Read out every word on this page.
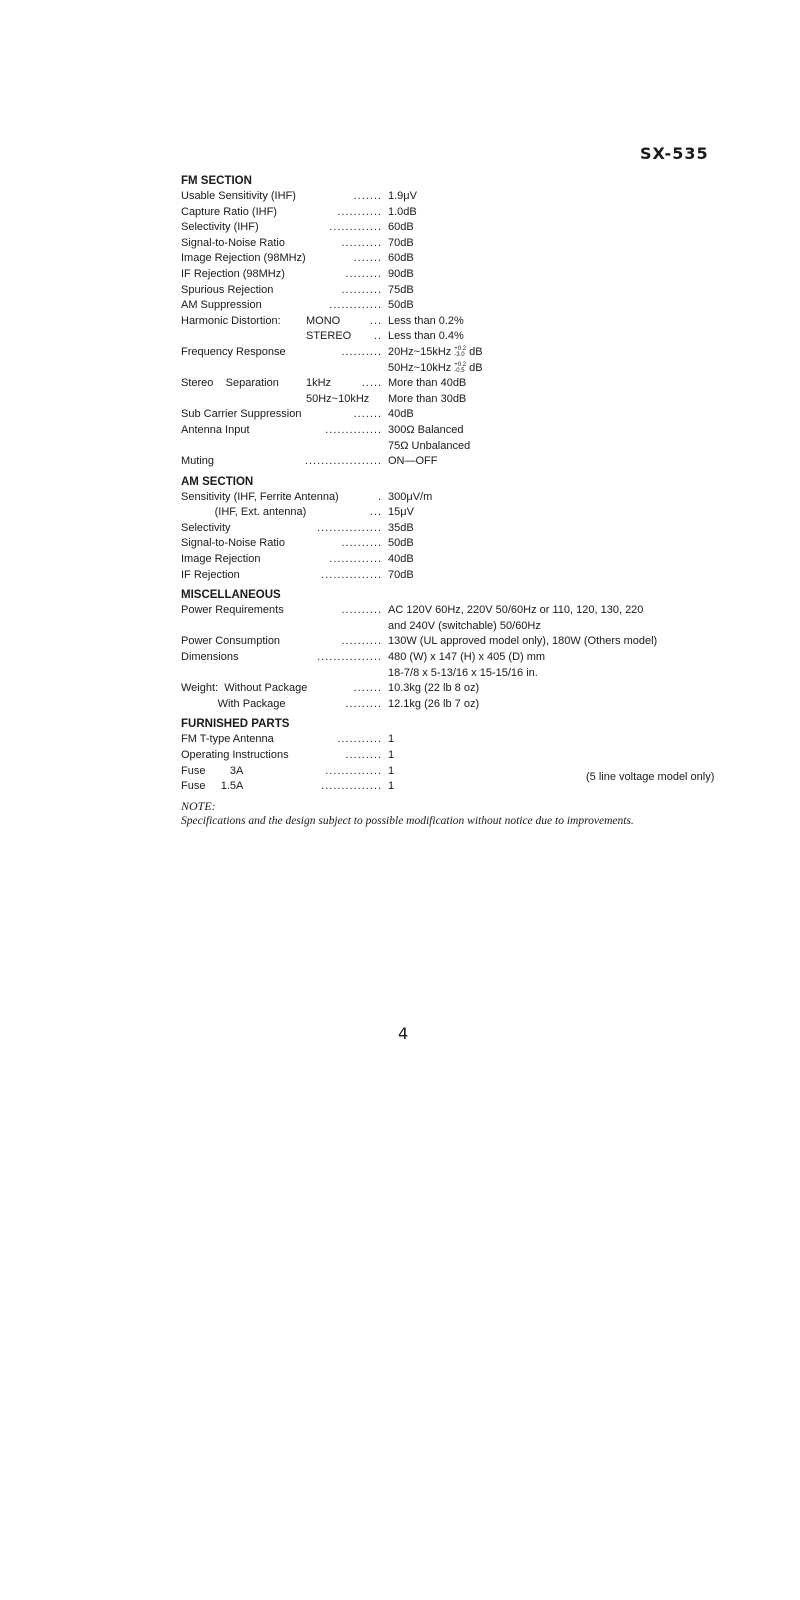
SX-535
FM SECTION
Usable Sensitivity (IHF)	....... 1.9μV
Capture Ratio (IHF)	........... 1.0dB
Selectivity (IHF)	............. 60dB
Signal-to-Noise Ratio	.......... 70dB
Image Rejection (98MHz)	....... 60dB
IF Rejection (98MHz)	......... 90dB
Spurious Rejection	.......... 75dB
AM Suppression	............. 50dB
Harmonic Distortion: MONO	... Less than 0.2%
STEREO .. Less than 0.4%
Frequency Response	.......... 20Hz~15kHz +0.2
-3.0 dB
50Hz~10kHz +0.2
-0.5 dB
Stereo    Separation 1kHz	..... More than 40dB
50Hz~10kHz More than 30dB
Sub Carrier Suppression	....... 40dB
Antenna Input	.............. 300Ω Balanced
75Ω Unbalanced
Muting	................... ON—OFF
AM SECTION
Sensitivity (IHF, Ferrite Antenna)	. 300μV/m
(IHF, Ext. antenna)	... 15μV
Selectivity	................ 35dB
Signal-to-Noise Ratio	.......... 50dB
Image Rejection	............. 40dB
IF Rejection	............... 70dB
MISCELLANEOUS
Power Requirements	.......... AC 120V 60Hz, 220V 50/60Hz or 110, 120, 130, 220
and 240V (switchable) 50/60Hz
Power Consumption	.......... 130W (UL approved model only), 180W (Others model)
Dimensions	................ 480 (W) x 147 (H) x 405 (D) mm
18-7/8 x 5-13/16 x 15-15/16 in.
Weight:  Without Package	....... 10.3kg (22 lb 8 oz)
With Package	......... 12.1kg (26 lb 7 oz)
FURNISHED PARTS
FM T-type Antenna	........... 1
Operating Instructions	......... 1
Fuse        3A	.............. 1
Fuse     1.5A	............... 1
(5 line voltage model only)
NOTE:
Specifications and the design subject to possible modification without notice due to improvements.
4
